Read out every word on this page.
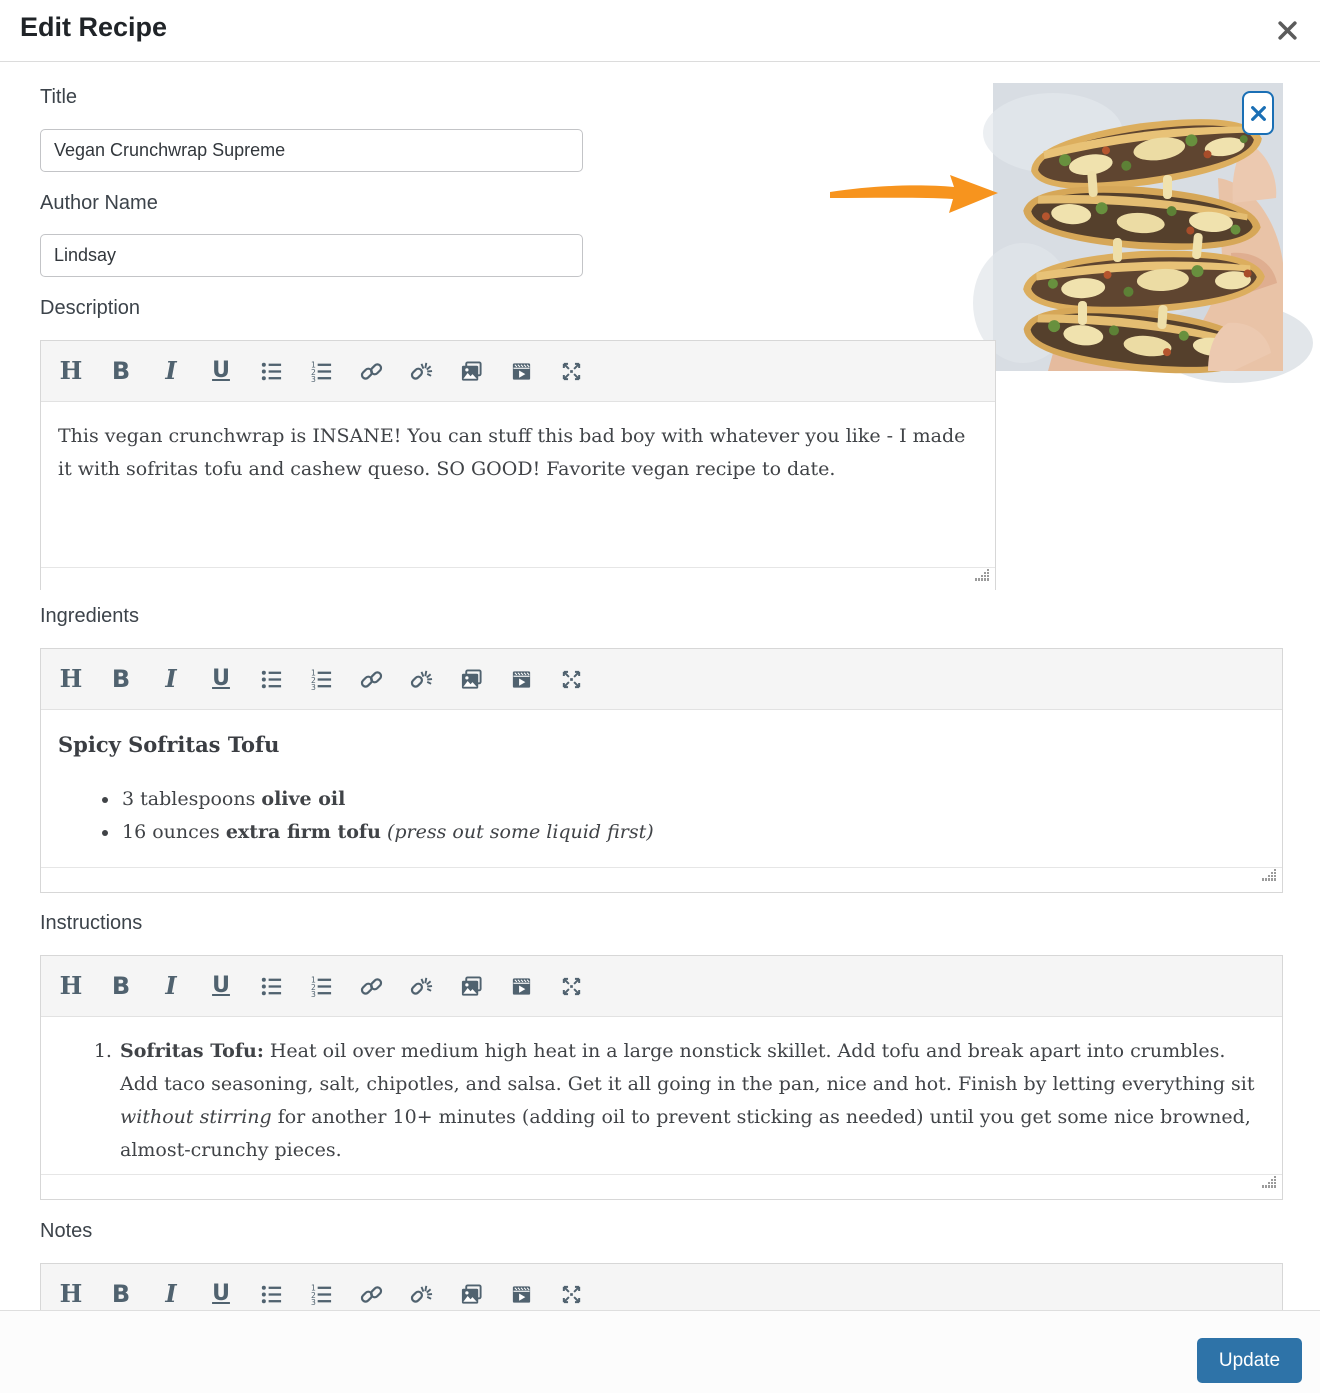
Edit Recipe
Title
Vegan Crunchwrap Supreme
Author Name
Lindsay
Description
H B I U	1
2
3

This vegan crunchwrap is INSANE! You can stuff this bad boy with whatever you like - I made it with sofritas tofu and cashew queso. SO GOOD! Favorite vegan recipe to date.

Ingredients
H B I U	1
2
3
Spicy Sofritas Tofu
• 3 tablespoons olive oil
• 16 ounces extra firm tofu (press out some liquid first)
Instructions
H B I U	1
2
3
1. Sofritas Tofu: Heat oil over medium high heat in a large nonstick skillet. Add tofu and break apart into crumbles. Add taco seasoning, salt, chipotles, and salsa. Get it all going in the pan, nice and hot. Finish by letting everything sit without stirring for another 10+ minutes (adding oil to prevent sticking as needed) until you get some nice browned, almost-crunchy pieces.
2.
Notes
H B I U	1
2
3
Update
